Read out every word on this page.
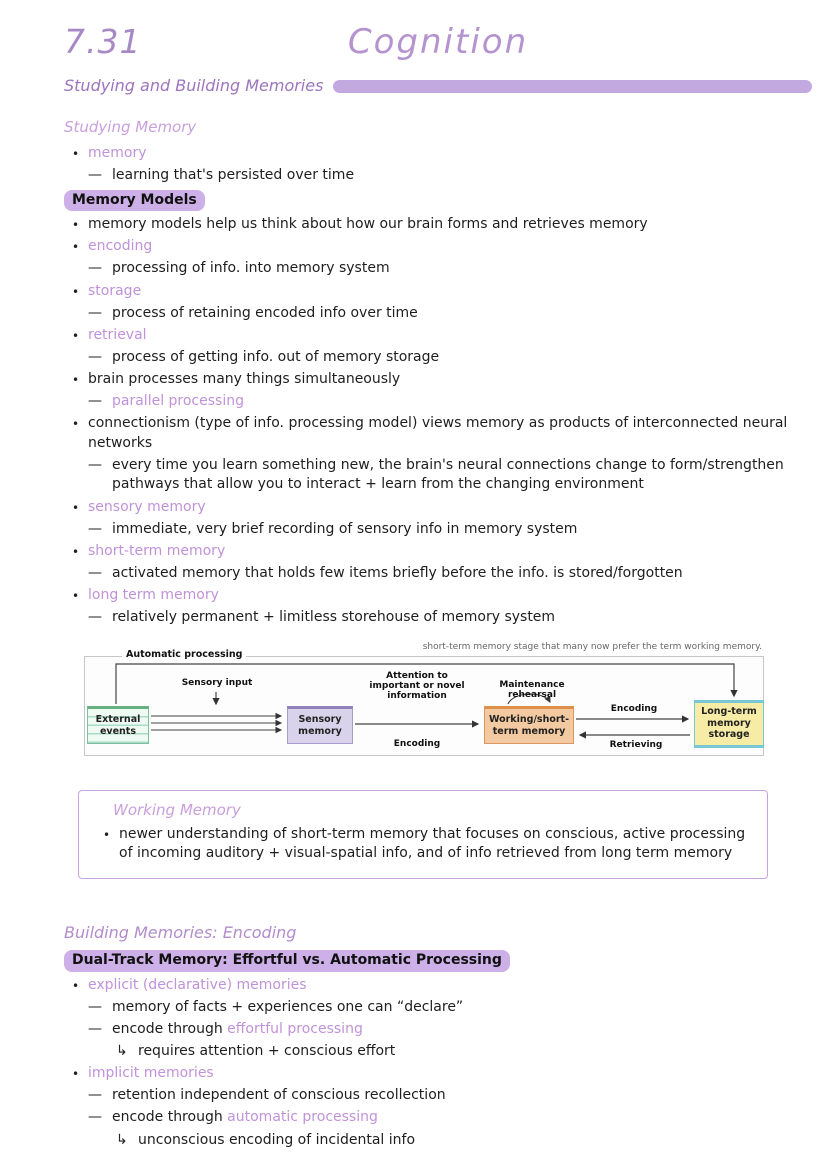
7.31	Cognition
Studying and Building Memories
Studying Memory
• memory
— learning that's persisted over time
Memory Models
• memory models help us think about how our brain forms and retrieves memory
• encoding
— processing of info. into memory system
• storage
— process of retaining encoded info over time
• retrieval
— process of getting info. out of memory storage
• brain processes many things simultaneously
— parallel processing
• connectionism (type of info. processing model) views memory as products of interconnected neural networks
— every time you learn something new, the brain's neural connections change to form/strengthen pathways that allow you to interact + learn from the changing environment
• sensory memory
— immediate, very brief recording of sensory info in memory system
• short-term memory
— activated memory that holds few items briefly before the info. is stored/forgotten
• long term memory
— relatively permanent + limitless storehouse of memory system
short-term memory stage that many now prefer the term working memory.
Automatic processing
Sensory input
Attention to important or novel information
Maintenance rehearsal
Encoding
Encoding
Retrieving
External events
Sensory memory
Working/short-term memory
Long-term memory storage
Working Memory
• newer understanding of short-term memory that focuses on conscious, active processing of incoming auditory + visual-spatial info, and of info retrieved from long term memory
Building Memories: Encoding
Dual-Track Memory: Effortful vs. Automatic Processing
• explicit (declarative) memories
— memory of facts + experiences one can “declare”
— encode through effortful processing
↳ requires attention + conscious effort
• implicit memories
— retention independent of conscious recollection
— encode through automatic processing
↳ unconscious encoding of incidental info
